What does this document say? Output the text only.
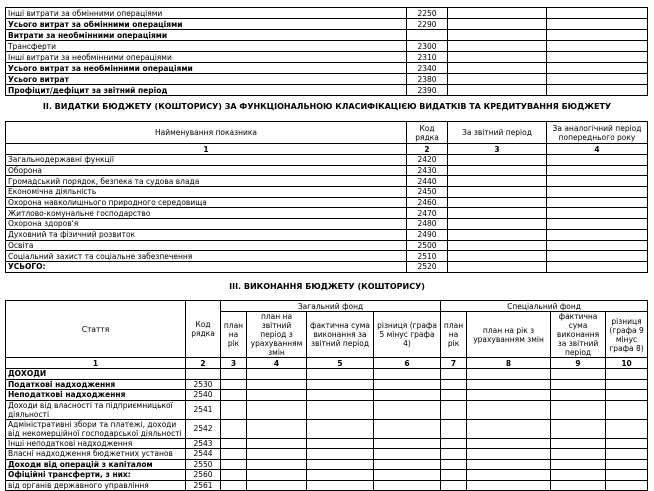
Інші витрати за обмінними операціями	2250		
Усього витрат за обмінними операціями	2290		
Витрати за необмінними операціями			
Трансферти	2300		
Інші витрати за необмінними операціями	2310		
Усього витрат за необмінними операціями	2340		
Усього витрат	2380		
Профіцит/дефіцит за звітний період	2390		
ІІ. ВИДАТКИ БЮДЖЕТУ (КОШТОРИСУ) ЗА ФУНКЦІОНАЛЬНОЮ КЛАСИФІКАЦІЄЮ ВИДАТКІВ ТА КРЕДИТУВАННЯ БЮДЖЕТУ
Найменування показника	Код рядка	За звітний період	За аналогічний період попереднього року
1	2	3	4
Загальнодержавні функції	2420		
Оборона	2430		
Громадський порядок, безпека та судова влада	2440		
Економічна діяльність	2450		
Охорона навколишнього природного середовища	2460		
Житлово-комунальне господарство	2470		
Охорона здоров'я	2480		
Духовний та фізичний розвиток	2490		
Освіта	2500		
Соціальний захист та соціальне забезпечення	2510		
УСЬОГО:	2520		
ІІІ. ВИКОНАННЯ БЮДЖЕТУ (КОШТОРИСУ)
Стаття	Код рядка	Загальний фонд				Спеціальний фонд			
		план на рік	план на звітний період з урахуванням змін	фактична сума виконання за звітний період	різниця (графа 5 мінус графа 4)	план на рік	план на рік з урахуванням змін	фактична сума виконання за звітний період	різниця (графа 9 мінус графа 8)
1	2	3	4	5	6	7	8	9	10
ДОХОДИ									
Податкові надходження	2530								
Неподаткові надходження	2540								
Доходи від власності та підприємницької діяльності	2541								
Адміністративні збори та платежі, доходи від некомерційної господарської діяльності	2542								
Інші неподаткові надходження	2543								
Власні надходження бюджетних установ	2544								
Доходи від операцій з капіталом	2550								
Офіційні трансферти, з них:	2560								
від органів державного управління	2561								
